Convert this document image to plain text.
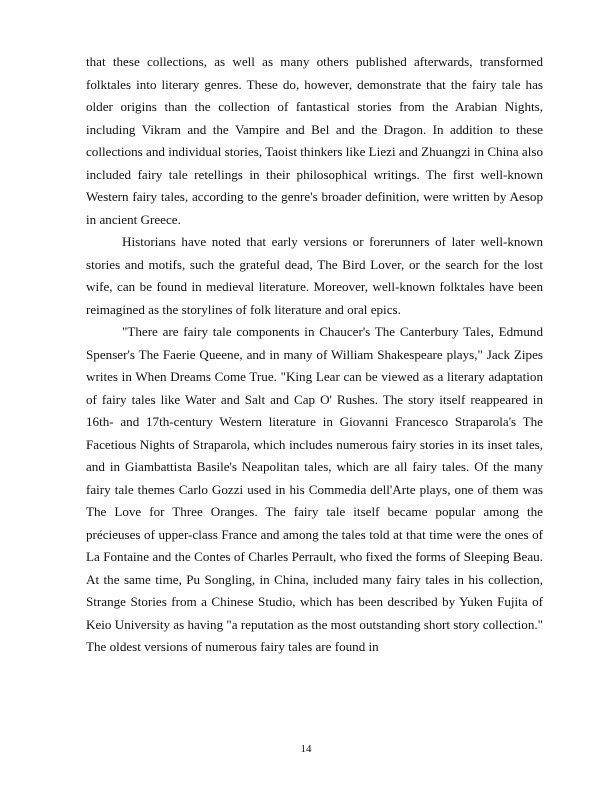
that these collections, as well as many others published afterwards, transformed folktales into literary genres. These do, however, demonstrate that the fairy tale has older origins than the collection of fantastical stories from the Arabian Nights, including Vikram and the Vampire and Bel and the Dragon. In addition to these collections and individual stories, Taoist thinkers like Liezi and Zhuangzi in China also included fairy tale retellings in their philosophical writings. The first well-known Western fairy tales, according to the genre's broader definition, were written by Aesop in ancient Greece.

Historians have noted that early versions or forerunners of later well-known stories and motifs, such the grateful dead, The Bird Lover, or the search for the lost wife, can be found in medieval literature. Moreover, well-known folktales have been reimagined as the storylines of folk literature and oral epics.

"There are fairy tale components in Chaucer's The Canterbury Tales, Edmund Spenser's The Faerie Queene, and in many of William Shakespeare plays," Jack Zipes writes in When Dreams Come True. "King Lear can be viewed as a literary adaptation of fairy tales like Water and Salt and Cap O' Rushes. The story itself reappeared in 16th- and 17th-century Western literature in Giovanni Francesco Straparola's The Facetious Nights of Straparola, which includes numerous fairy stories in its inset tales, and in Giambattista Basile's Neapolitan tales, which are all fairy tales. Of the many fairy tale themes Carlo Gozzi used in his Commedia dell'Arte plays, one of them was The Love for Three Oranges. The fairy tale itself became popular among the précieuses of upper-class France and among the tales told at that time were the ones of La Fontaine and the Contes of Charles Perrault, who fixed the forms of Sleeping Beau. At the same time, Pu Songling, in China, included many fairy tales in his collection, Strange Stories from a Chinese Studio, which has been described by Yuken Fujita of Keio University as having "a reputation as the most outstanding short story collection." The oldest versions of numerous fairy tales are found in

14
